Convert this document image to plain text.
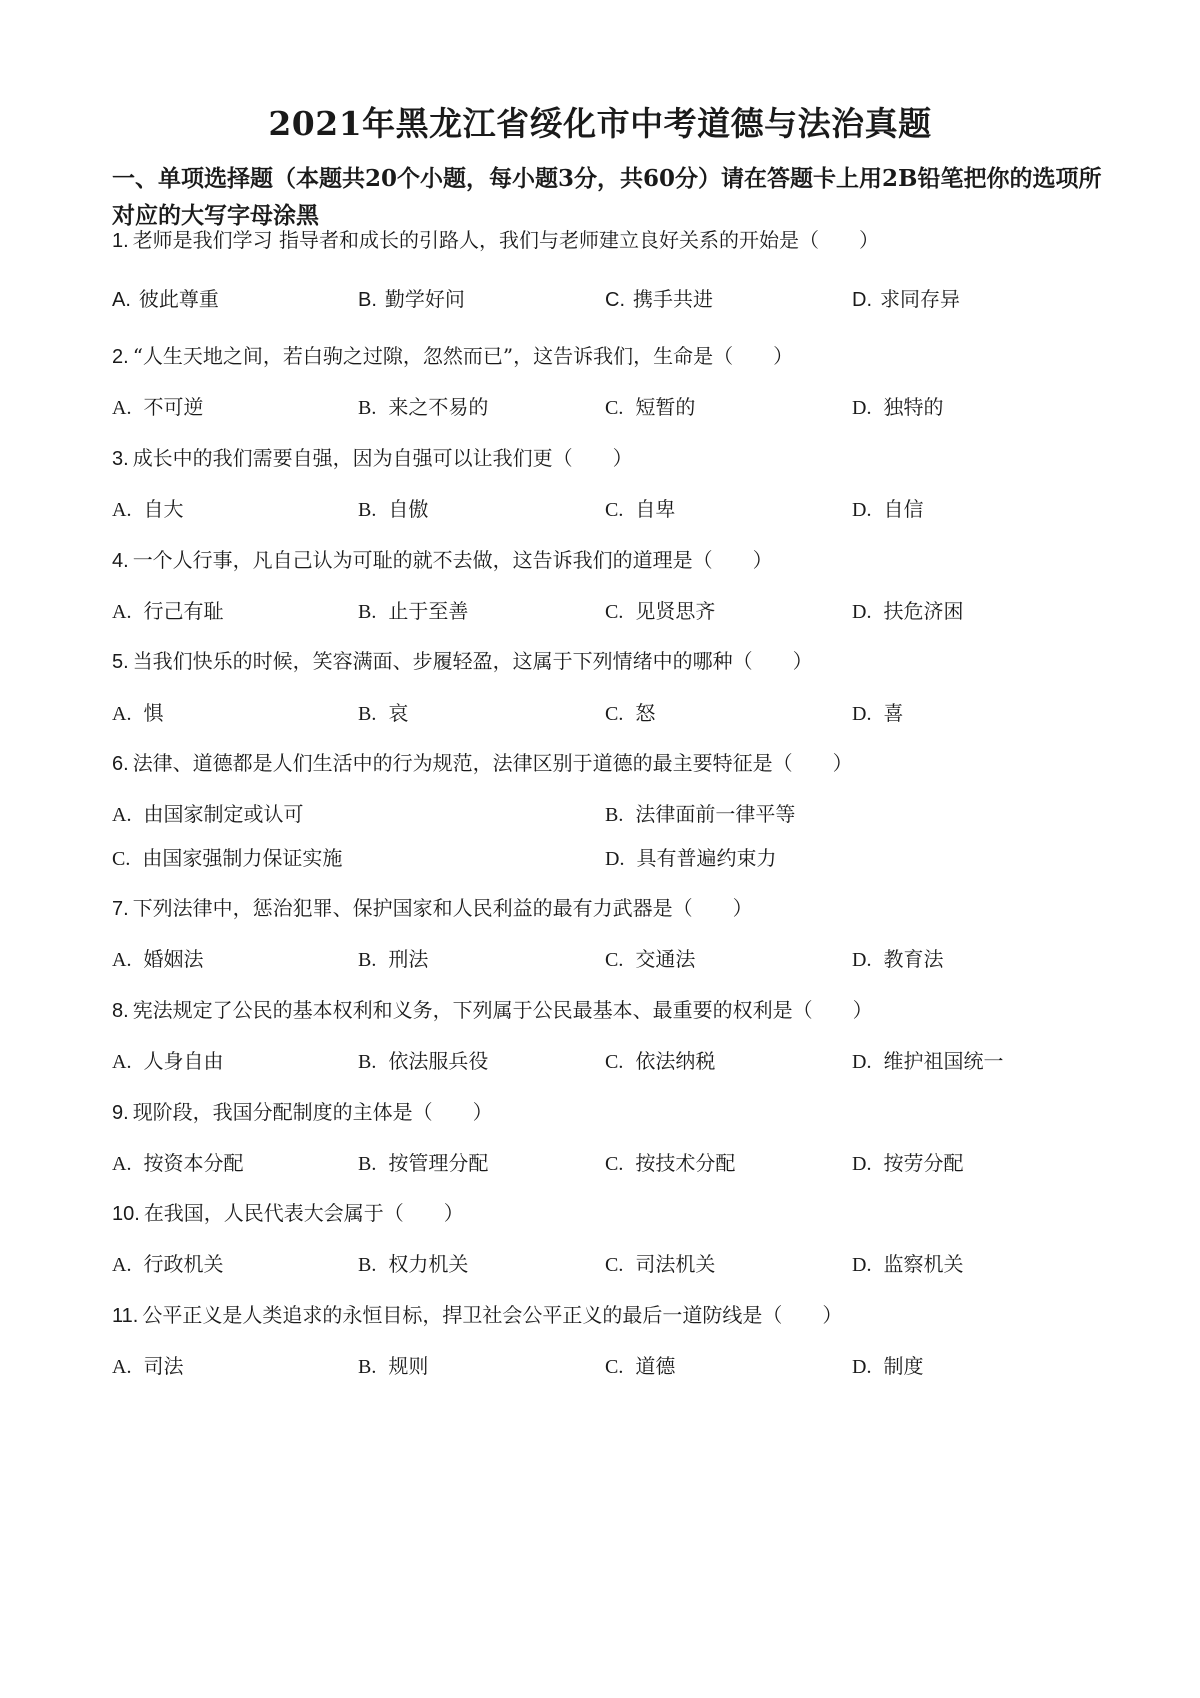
2021年黑龙江省绥化市中考道德与法治真题
一、单项选择题（本题共20个小题，每小题3分，共60分）请在答题卡上用2B铅笔把你的选项所对应的大写字母涂黑
1. 老师是我们学习 指导者和成长的引路人，我们与老师建立良好关系的开始是（　　）
A. 彼此尊重	B. 勤学好问	C. 携手共进	D. 求同存异
2. “人生天地之间，若白驹之过隙，忽然而已”，这告诉我们，生命是（　　）
A. 不可逆	B. 来之不易的	C. 短暂的	D. 独特的
3. 成长中的我们需要自强，因为自强可以让我们更（　　）
A. 自大	B. 自傲	C. 自卑	D. 自信
4. 一个人行事，凡自己认为可耻的就不去做，这告诉我们的道理是（　　）
A. 行己有耻	B. 止于至善	C. 见贤思齐	D. 扶危济困
5. 当我们快乐的时候，笑容满面、步履轻盈，这属于下列情绪中的哪种（　　）
A. 惧	B. 哀	C. 怒	D. 喜
6. 法律、道德都是人们生活中的行为规范，法律区别于道德的最主要特征是（　　）
A. 由国家制定或认可	B. 法律面前一律平等
C. 由国家强制力保证实施	D. 具有普遍约束力
7. 下列法律中，惩治犯罪、保护国家和人民利益的最有力武器是（　　）
A. 婚姻法	B. 刑法	C. 交通法	D. 教育法
8. 宪法规定了公民的基本权利和义务，下列属于公民最基本、最重要的权利是（　　）
A. 人身自由	B. 依法服兵役	C. 依法纳税	D. 维护祖国统一
9. 现阶段，我国分配制度的主体是（　　）
A. 按资本分配	B. 按管理分配	C. 按技术分配	D. 按劳分配
10. 在我国，人民代表大会属于（　　）
A. 行政机关	B. 权力机关	C. 司法机关	D. 监察机关
11. 公平正义是人类追求的永恒目标，捍卫社会公平正义的最后一道防线是（　　）
A. 司法	B. 规则	C. 道德	D. 制度
